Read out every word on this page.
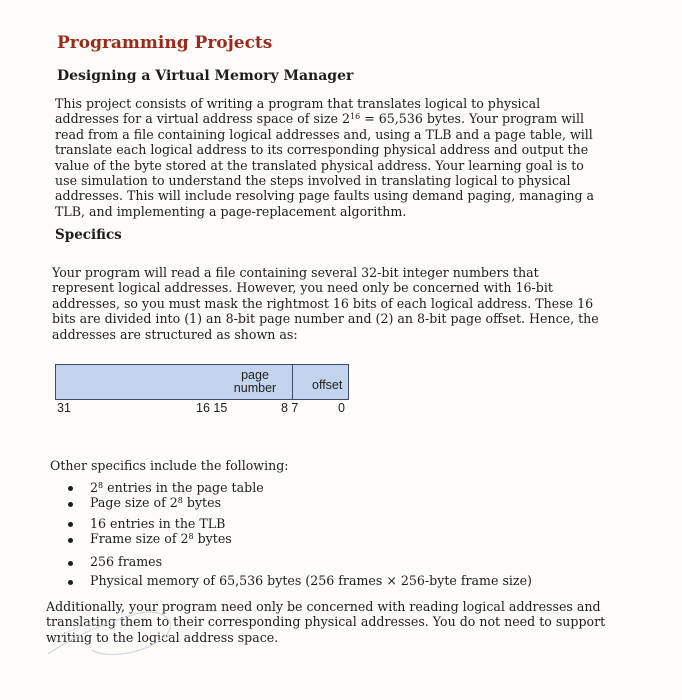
Programming Projects
Designing a Virtual Memory Manager

This project consists of writing a program that translates logical to physical addresses for a virtual address space of size $2^{16} = 65,536$ bytes. Your program will read from a file containing logical addresses and, using a TLB and a page table, will translate each logical address to its corresponding physical address and output the value of the byte stored at the translated physical address. Your learning goal is to use simulation to understand the steps involved in translating logical to physical addresses. This will include resolving page faults using demand paging, managing a TLB, and implementing a page-replacement algorithm.

Specifics

Your program will read a file containing several 32-bit integer numbers that represent logical addresses. However, you need only be concerned with 16-bit addresses, so you must mask the rightmost 16 bits of each logical address. These 16 bits are divided into (1) an 8-bit page number and (2) an 8-bit page offset. Hence, the addresses are structured as shown as:

page number	offset
31	16 15	8 7	0

Other specifics include the following:

$2^8$ entries in the page table
Page size of $2^8$ bytes
16 entries in the TLB
Frame size of $2^8$ bytes
256 frames
Physical memory of 65,536 bytes (256 frames × 256-byte frame size)

Additionally, your program need only be concerned with reading logical addresses and translating them to their corresponding physical addresses. You do not need to support writing to the logical address space.
